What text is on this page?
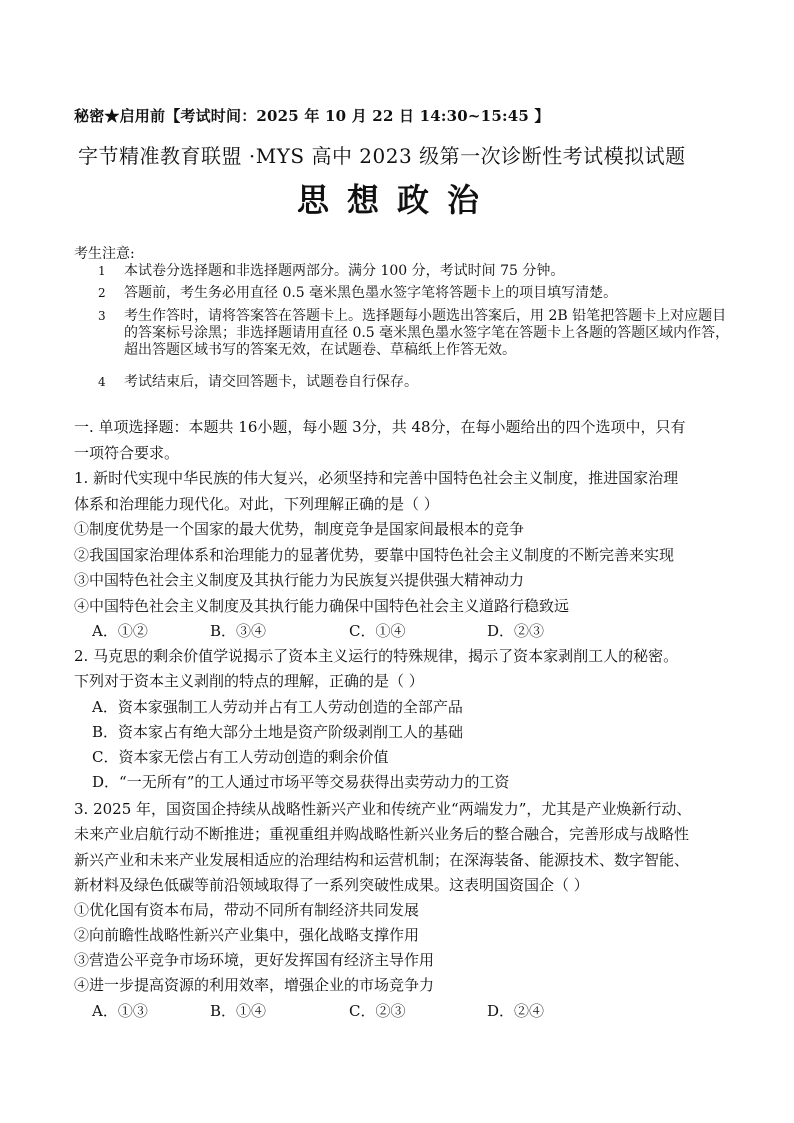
秘密★启用前【考试时间：2025 年 10 月 22 日 14:30~15:45 】
字节精准教育联盟 ·MYS 高中 2023 级第一次诊断性考试模拟试题
思想政治
考生注意:
1	本试卷分选择题和非选择题两部分。满分 100 分，考试时间 75 分钟。
2	答题前，考生务必用直径 0.5 毫米黑色墨水签字笔将答题卡上的项目填写清楚。
3	考生作答时，请将答案答在答题卡上。选择题每小题选出答案后，用 2B 铅笔把答题卡上对应题目的答案标号涂黑；非选择题请用直径 0.5 毫米黑色墨水签字笔在答题卡上各题的答题区域内作答，超出答题区域书写的答案无效，在试题卷、草稿纸上作答无效。
4	考试结束后，请交回答题卡，试题卷自行保存。
一. 单项选择题：本题共 16小题，每小题 3分，共 48分，在每小题给出的四个选项中，只有
一项符合要求。
1. 新时代实现中华民族的伟大复兴，必须坚持和完善中国特色社会主义制度，推进国家治理
体系和治理能力现代化。对此，下列理解正确的是（ ）
①制度优势是一个国家的最大优势，制度竞争是国家间最根本的竞争
②我国国家治理体系和治理能力的显著优势，要靠中国特色社会主义制度的不断完善来实现
③中国特色社会主义制度及其执行能力为民族复兴提供强大精神动力
④中国特色社会主义制度及其执行能力确保中国特色社会主义道路行稳致远
A．①②	B．③④	C．①④	D．②③
2. 马克思的剩余价值学说揭示了资本主义运行的特殊规律，揭示了资本家剥削工人的秘密。
下列对于资本主义剥削的特点的理解，正确的是（ ）
A．资本家强制工人劳动并占有工人劳动创造的全部产品
B．资本家占有绝大部分土地是资产阶级剥削工人的基础
C．资本家无偿占有工人劳动创造的剩余价值
D．“一无所有”的工人通过市场平等交易获得出卖劳动力的工资
3. 2025 年，国资国企持续从战略性新兴产业和传统产业“两端发力”，尤其是产业焕新行动、
未来产业启航行动不断推进；重视重组并购战略性新兴业务后的整合融合，完善形成与战略性
新兴产业和未来产业发展相适应的治理结构和运营机制；在深海装备、能源技术、数字智能、
新材料及绿色低碳等前沿领域取得了一系列突破性成果。这表明国资国企（ ）
①优化国有资本布局，带动不同所有制经济共同发展
②向前瞻性战略性新兴产业集中，强化战略支撑作用
③营造公平竞争市场环境，更好发挥国有经济主导作用
④进一步提高资源的利用效率，增强企业的市场竞争力
A．①③	B．①④	C．②③	D．②④
